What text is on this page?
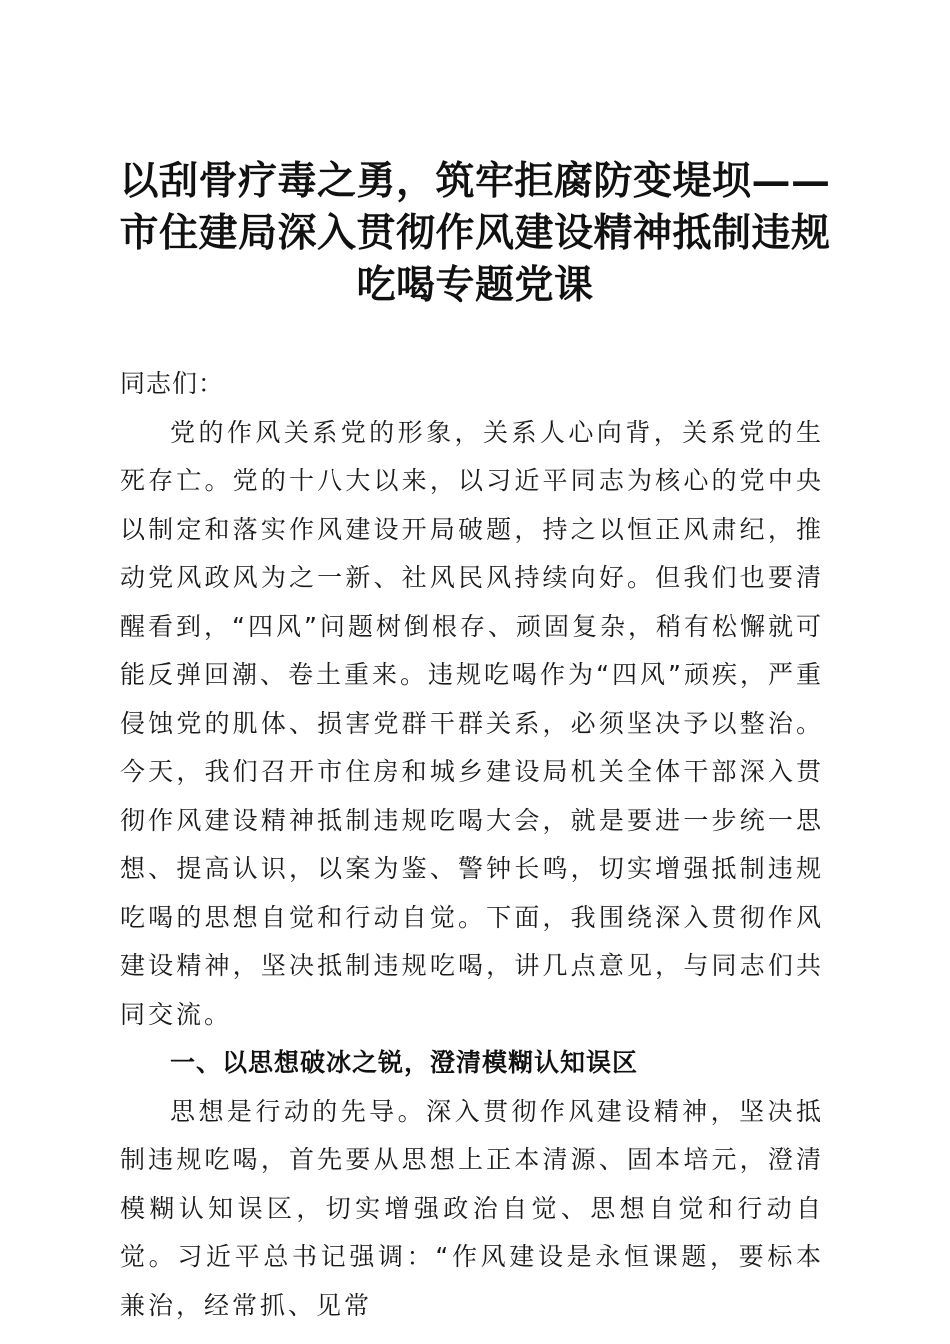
以刮骨疗毒之勇，筑牢拒腐防变堤坝——市住建局深入贯彻作风建设精神抵制违规吃喝专题党课

同志们：

党的作风关系党的形象，关系人心向背，关系党的生死存亡。党的十八大以来，以习近平同志为核心的党中央以制定和落实作风建设开局破题，持之以恒正风肃纪，推动党风政风为之一新、社风民风持续向好。但我们也要清醒看到，“四风”问题树倒根存、顽固复杂，稍有松懈就可能反弹回潮、卷土重来。违规吃喝作为“四风”顽疾，严重侵蚀党的肌体、损害党群干群关系，必须坚决予以整治。今天，我们召开市住房和城乡建设局机关全体干部深入贯彻作风建设精神抵制违规吃喝大会，就是要进一步统一思想、提高认识，以案为鉴、警钟长鸣，切实增强抵制违规吃喝的思想自觉和行动自觉。下面，我围绕深入贯彻作风建设精神，坚决抵制违规吃喝，讲几点意见，与同志们共同交流。

一、以思想破冰之锐，澄清模糊认知误区

思想是行动的先导。深入贯彻作风建设精神，坚决抵制违规吃喝，首先要从思想上正本清源、固本培元，澄清模糊认知误区，切实增强政治自觉、思想自觉和行动自觉。习近平总书记强调：“作风建设是永恒课题，要标本兼治，经常抓、见常
